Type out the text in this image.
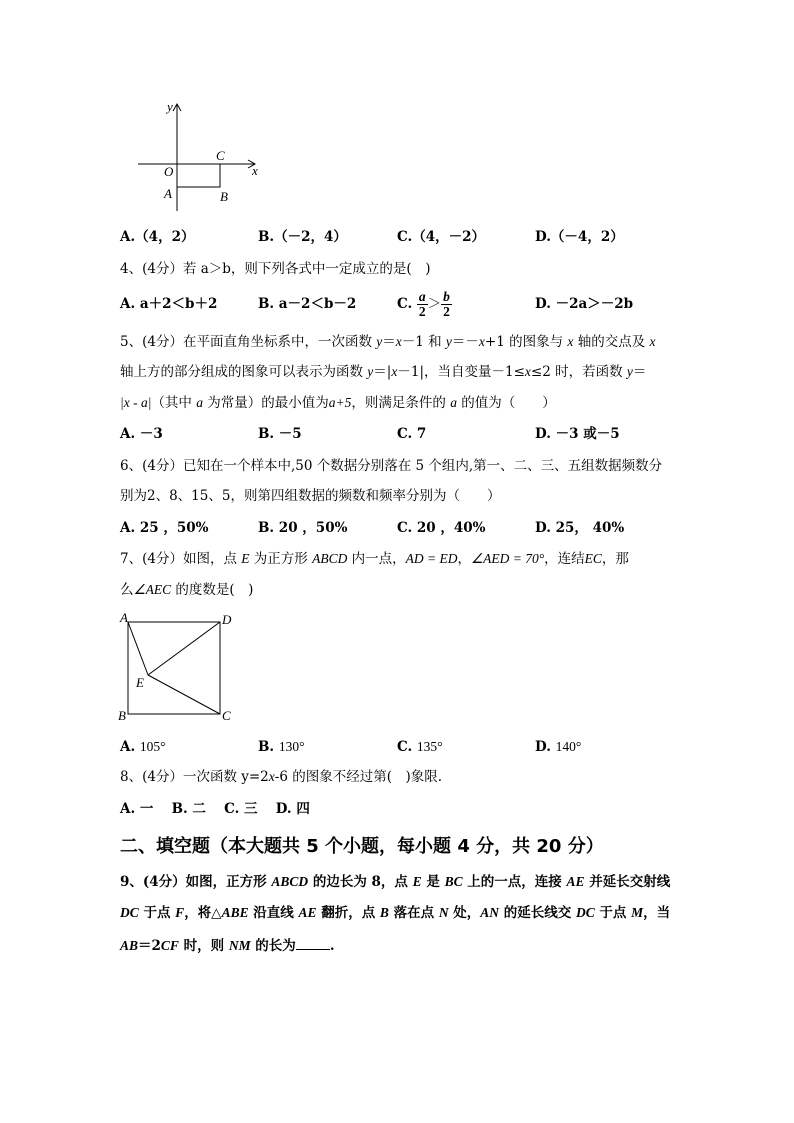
y
x
O
C
A	B
A.（4，2）	B.（－2，4）	C.（4，－2）	D.（－4，2）
4、(4分）若 a＞b，则下列各式中一定成立的是(　)
A. a＋2＜b＋2	B. a－2＜b－2	C. $\frac{a}{2} > \frac{b}{2}$	D. －2a＞－2b
5、(4分）在平面直角坐标系中，一次函数 y＝x－1 和 y＝－x+1 的图象与 x 轴的交点及 x
轴上方的部分组成的图象可以表示为函数 y＝|x－1|，当自变量－1≤x≤2 时，若函数 y＝
|x - a|（其中 a 为常量）的最小值为a+5，则满足条件的 a 的值为（　　）
A. －3	B. －5	C. 7	D. －3 或－5
6、(4分）已知在一个样本中,50 个数据分别落在 5 个组内,第一、二、三、五组数据频数分
别为2、8、15、5，则第四组数据的频数和频率分别为（　　）
A. 25 ，50%	B. 20 ，50%	C. 20 ，40%	D. 25， 40%
7、(4分）如图，点 E 为正方形 ABCD 内一点，AD = ED，∠AED = 70°，连结EC，那
么∠AEC 的度数是(　)
A	D
E
B	C
A. 105°	B. 130°	C. 135°	D. 140°
8、(4分）一次函数 y=2x-6 的图象不经过第(　)象限.
A. 一　 B. 二　 C. 三　 D. 四
二、填空题（本大题共 5 个小题，每小题 4 分，共 20 分）
9、(4分）如图，正方形 ABCD 的边长为 8，点 E 是 BC 上的一点，连接 AE 并延长交射线
DC 于点 F，将△ABE 沿直线 AE 翻折，点 B 落在点 N 处，AN 的延长线交 DC 于点 M，当
AB＝2CF 时，则 NM 的长为	.
